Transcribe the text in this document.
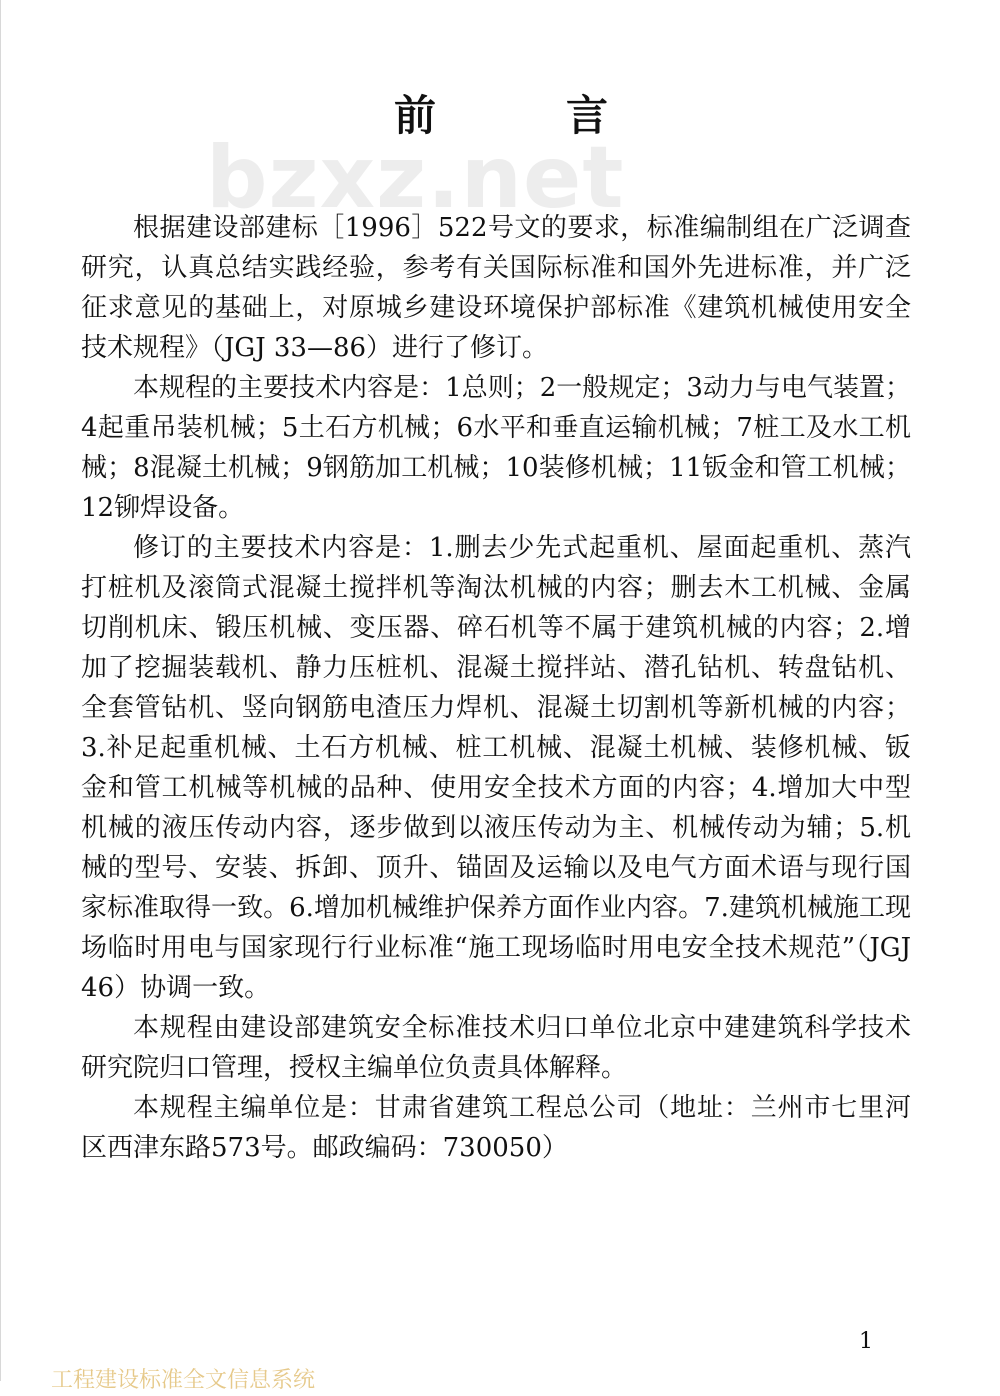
bzxz.net
前言

根据建设部建标［1996］522号文的要求，标准编制组在广泛调查研究，认真总结实践经验，参考有关国际标准和国外先进标准，并广泛征求意见的基础上，对原城乡建设环境保护部标准《建筑机械使用安全技术规程》（JGJ 33—86）进行了修订。

本规程的主要技术内容是：1总则；2一般规定；3动力与电气装置；4起重吊装机械；5土石方机械；6水平和垂直运输机械；7桩工及水工机械；8混凝土机械；9钢筋加工机械；10装修机械；11钣金和管工机械；12铆焊设备。

修订的主要技术内容是：1.删去少先式起重机、屋面起重机、蒸汽打桩机及滚筒式混凝土搅拌机等淘汰机械的内容；删去木工机械、金属切削机床、锻压机械、变压器、碎石机等不属于建筑机械的内容；2.增加了挖掘装载机、静力压桩机、混凝土搅拌站、潜孔钻机、转盘钻机、全套管钻机、竖向钢筋电渣压力焊机、混凝土切割机等新机械的内容；3.补足起重机械、土石方机械、桩工机械、混凝土机械、装修机械、钣金和管工机械等机械的品种、使用安全技术方面的内容；4.增加大中型机械的液压传动内容，逐步做到以液压传动为主、机械传动为辅；5.机械的型号、安装、拆卸、顶升、锚固及运输以及电气方面术语与现行国家标准取得一致。6.增加机械维护保养方面作业内容。7.建筑机械施工现场临时用电与国家现行行业标准“施工现场临时用电安全技术规范”（JGJ 46）协调一致。

本规程由建设部建筑安全标准技术归口单位北京中建建筑科学技术研究院归口管理，授权主编单位负责具体解释。

本规程主编单位是：甘肃省建筑工程总公司（地址：兰州市七里河区西津东路573号。邮政编码：730050）

1
工程建设标准全文信息系统
